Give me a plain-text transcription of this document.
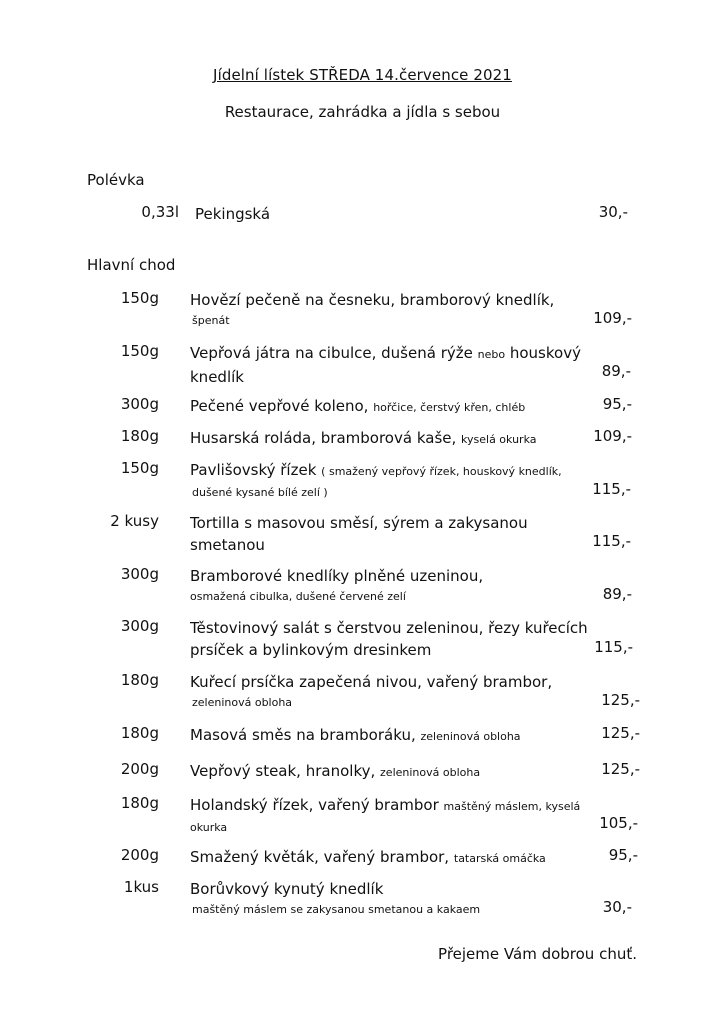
Jídelní lístek STŘEDA 14.července 2021
Restaurace, zahrádka a jídla s sebou
Polévka
0,33l Pekingská	30,-
Hlavní chod
150g Hovězí pečeně na česneku, bramborový knedlík,
špenát	109,-
150g Vepřová játra na cibulce, dušená rýže nebo houskový
knedlík	89,-
300g Pečené vepřové koleno, hořčice, čerstvý křen, chléb	95,-
180g Husarská roláda, bramborová kaše, kyselá okurka	109,-
150g Pavlišovský řízek ( smažený vepřový řízek, houskový knedlík,
dušené kysané bílé zelí )	115,-
2 kusy Tortilla s masovou směsí, sýrem a zakysanou
smetanou	115,-
300g Bramborové knedlíky plněné uzeninou,
osmažená cibulka, dušené červené zelí	89,-
300g Těstovinový salát s čerstvou zeleninou, řezy kuřecích
prsíček a bylinkovým dresinkem	115,-
180g Kuřecí prsíčka zapečená nivou, vařený brambor,
zeleninová obloha	125,-
180g Masová směs na bramboráku, zeleninová obloha	125,-
200g Vepřový steak, hranolky, zeleninová obloha	125,-
180g Holandský řízek, vařený brambor maštěný máslem, kyselá
okurka	105,-
200g Smažený květák, vařený brambor, tatarská omáčka	95,-
1kus Borůvkový kynutý knedlík
maštěný máslem se zakysanou smetanou a kakaem	30,-
Přejeme Vám dobrou chuť.
